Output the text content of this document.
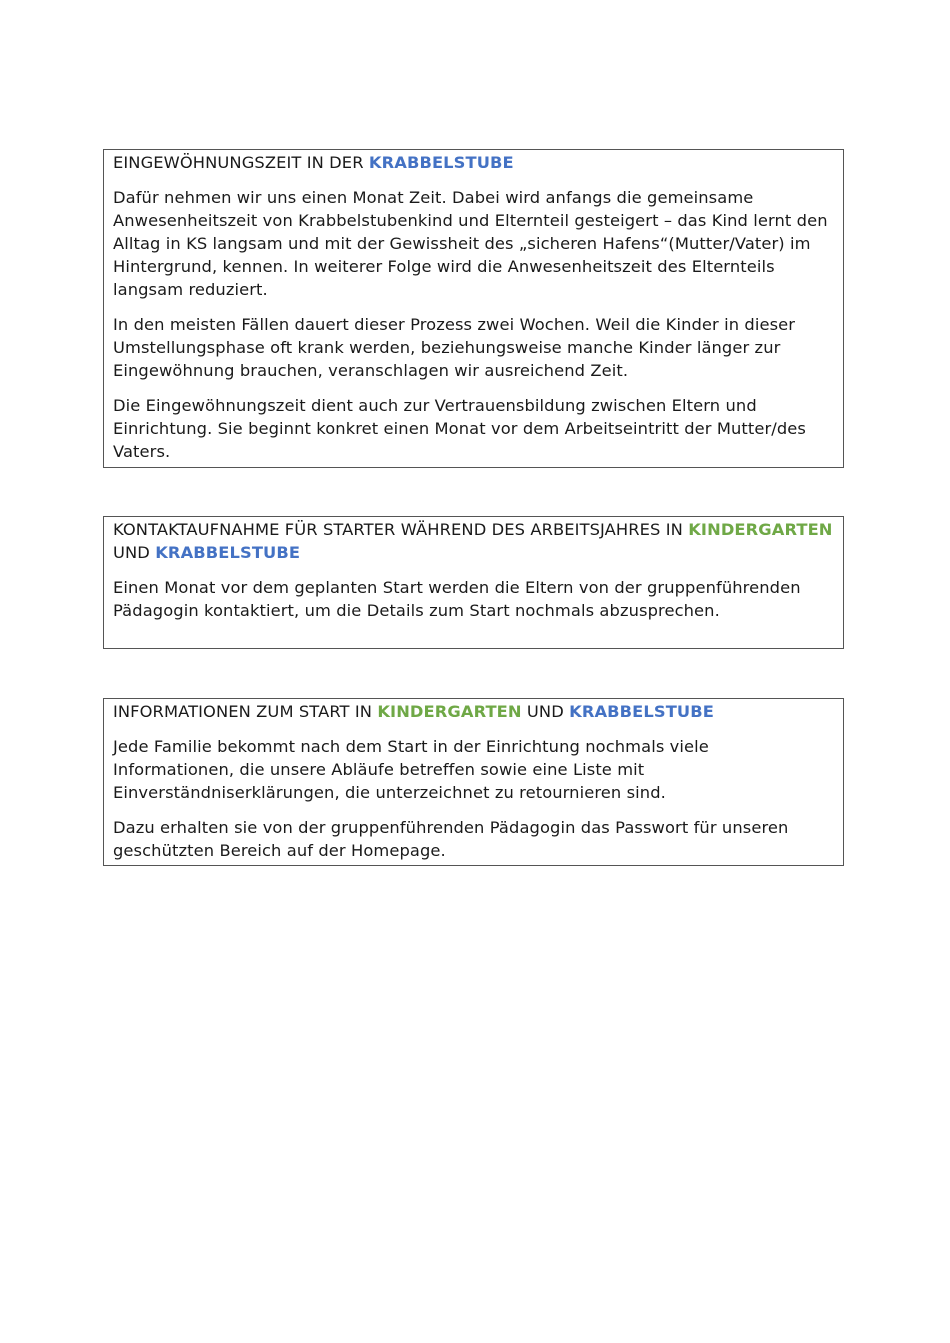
EINGEWÖHNUNGSZEIT IN DER KRABBELSTUBE

Dafür nehmen wir uns einen Monat Zeit. Dabei wird anfangs die gemeinsame Anwesenheitszeit von Krabbelstubenkind und Elternteil gesteigert – das Kind lernt den Alltag in KS langsam und mit der Gewissheit des „sicheren Hafens“(Mutter/Vater) im Hintergrund, kennen. In weiterer Folge wird die Anwesenheitszeit des Elternteils langsam reduziert.

In den meisten Fällen dauert dieser Prozess zwei Wochen. Weil die Kinder in dieser Umstellungsphase oft krank werden, beziehungsweise manche Kinder länger zur Eingewöhnung brauchen, veranschlagen wir ausreichend Zeit.

Die Eingewöhnungszeit dient auch zur Vertrauensbildung zwischen Eltern und Einrichtung. Sie beginnt konkret einen Monat vor dem Arbeitseintritt der Mutter/des Vaters.

KONTAKTAUFNAHME FÜR STARTER WÄHREND DES ARBEITSJAHRES IN KINDERGARTEN UND KRABBELSTUBE

Einen Monat vor dem geplanten Start werden die Eltern von der gruppenführenden Pädagogin kontaktiert, um die Details zum Start nochmals abzusprechen.

INFORMATIONEN ZUM START IN KINDERGARTEN UND KRABBELSTUBE

Jede Familie bekommt nach dem Start in der Einrichtung nochmals viele Informationen, die unsere Abläufe betreffen sowie eine Liste mit Einverständniserklärungen, die unterzeichnet zu retournieren sind.

Dazu erhalten sie von der gruppenführenden Pädagogin das Passwort für unseren geschützten Bereich auf der Homepage.
